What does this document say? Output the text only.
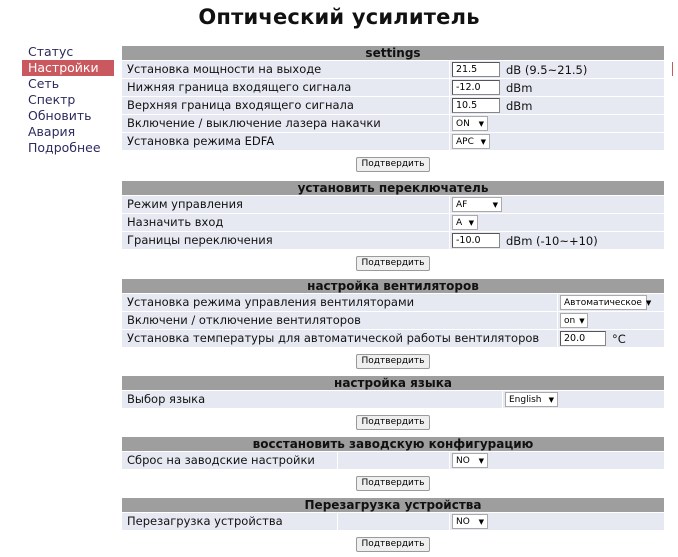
Оптический усилитель
Статус
Настройки
Сеть
Спектр
Обновить
Авария
Подробнее
settings
Установка мощности на выходе	21.5	dB (9.5~21.5)
Нижняя граница входящего сигнала	-12.0	dBm
Верхняя граница входящего сигнала	10.5	dBm
Включение / выключение лазера накачки	ON ▼
Установка режима EDFA	APC ▼
Подтвердить
установить переключатель
Режим управления	AF	▼
Назначить вход	A ▼
Границы переключения	-10.0	dBm (-10~+10)
Подтвердить
настройка вентиляторов
Установка режима управления вентиляторами	Автоматическое ▼
Включени / отключение вентиляторов	on ▼
Установка температуры для автоматической работы вентиляторов	20.0	°C
Подтвердить
настройка языка
Выбор языка	English ▼
Подтвердить
восстановить заводскую конфигурацию
Сброс на заводские настройки	NO ▼
Подтвердить
Перезагрузка устройства
Перезагрузка устройства	NO ▼
Подтвердить
